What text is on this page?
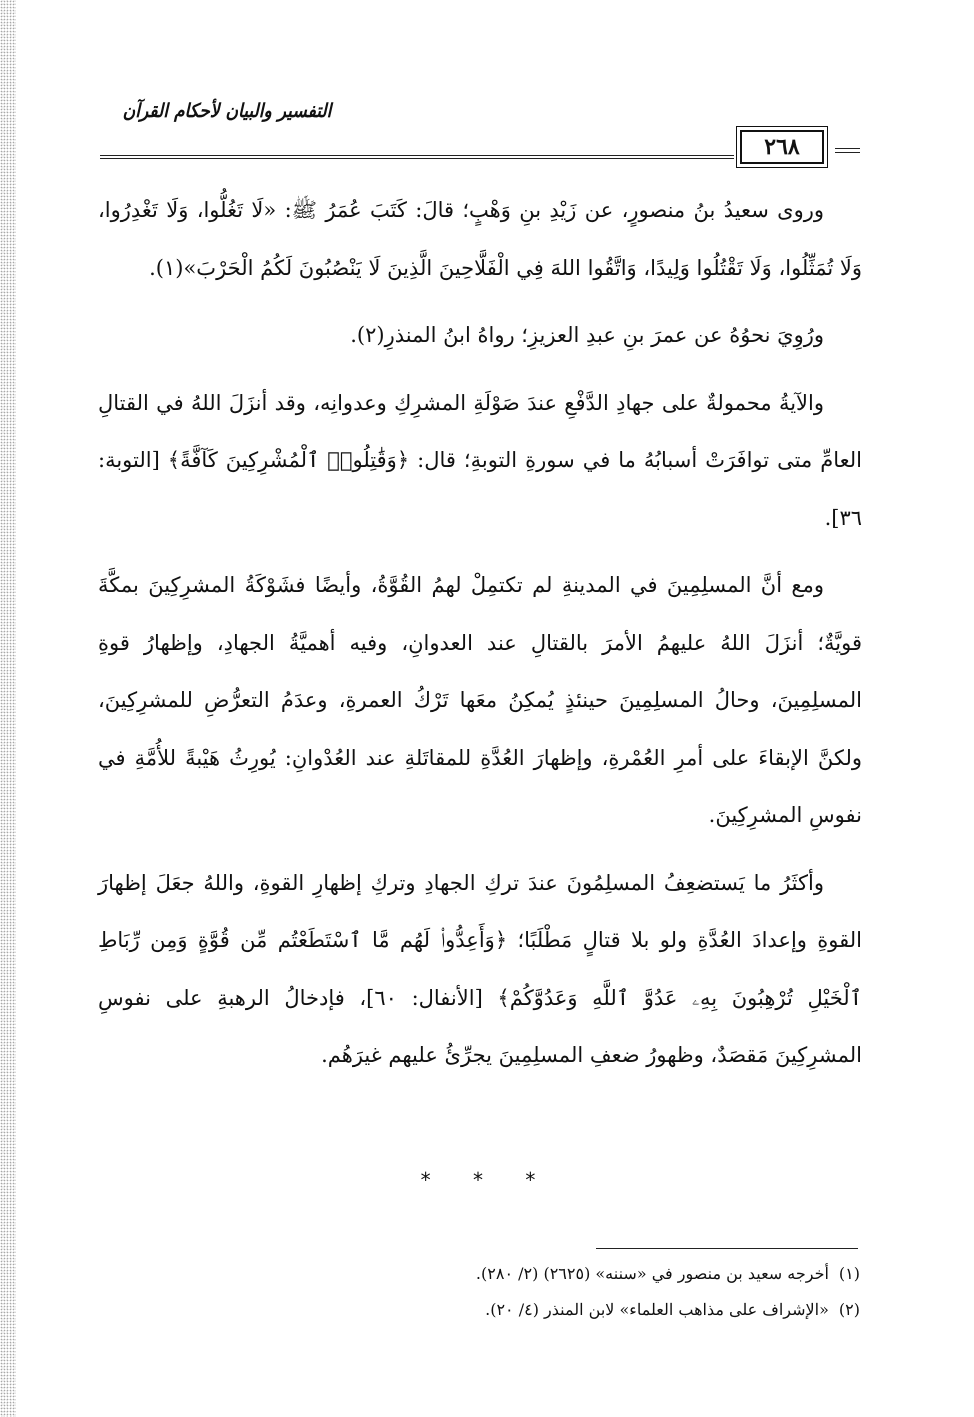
التفسير والبيان لأحكام القرآن
٢٦٨

وروى سعيدُ بنُ منصورٍ، عن زَيْدِ بنِ وَهْبٍ؛ قالَ: كَتَبَ عُمَرُ ﷺ: «لَا تَغُلُّوا، وَلَا تَغْدِرُوا، وَلَا تُمَثِّلُوا، وَلَا تَقْتُلُوا وَلِيدًا، وَاتَّقُوا اللهَ فِي الْفَلَّاحِينَ الَّذِينَ لَا يَنْصُبُونَ لَكُمُ الْحَرْبَ»(١).

ورُوِيَ نحوُهُ عن عمرَ بنِ عبدِ العزيزِ؛ رواهُ ابنُ المنذرِ(٢).

والآيةُ محمولةٌ على جهادِ الدَّفْعِ عندَ صَوْلَةِ المشرِكِ وعدوانِه، وقد أنزَلَ اللهُ في القتالِ العامِّ متى توافَرَتْ أسبابُهُ ما في سورةِ التوبةِ؛ قال: ﴿وَقَٰتِلُوا۟ ٱلْمُشْرِكِينَ كَآفَّةً﴾ [التوبة: ٣٦].

ومع أنَّ المسلِمِينَ في المدينةِ لم تكتمِلْ لهمُ القُوَّةُ، وأيضًا فشَوْكَةُ المشرِكِينَ بمكَّةَ قويَّةٌ؛ أنزَلَ اللهُ عليهمُ الأمرَ بالقتالِ عند العدوانِ، وفيه أهميَّةُ الجهادِ، وإظهارُ قوةِ المسلِمِينَ، وحالُ المسلِمِينَ حينئذٍ يُمكِنُ معَها تَرْكُ العمرةِ، وعدَمُ التعرُّضِ للمشرِكِينَ، ولكنَّ الإبقاءَ على أمرِ العُمْرةِ، وإظهارَ العُدَّةِ للمقاتَلةِ عند العُدْوانِ: يُورِثُ هَيْبةً للأُمَّةِ في نفوسِ المشرِكِينَ.

وأكثَرُ ما يَستضعِفُ المسلِمُونَ عندَ تركِ الجهادِ وتركِ إظهارِ القوةِ، واللهُ جعَلَ إظهارَ القوةِ وإعدادَ العُدَّةِ ولو بلا قتالٍ مَطْلَبًا؛ ﴿وَأَعِدُّوا۟ لَهُم مَّا ٱسْتَطَعْتُم مِّن قُوَّةٍ وَمِن رِّبَاطِ ٱلْخَيْلِ تُرْهِبُونَ بِهِۦ عَدُوَّ ٱللَّهِ وَعَدُوَّكُمْ﴾ [الأنفال: ٦٠]، فإدخالُ الرهبةِ على نفوسِ المشرِكِينَ مَقصَدٌ، وظهورُ ضعفِ المسلِمِينَ يجرِّئُ عليهم غيرَهُم.

* * *
(١)أخرجه سعيد بن منصور في «سننه» (٢٦٢٥) (٢/ ٢٨٠).
(٢)«الإشراف على مذاهب العلماء» لابن المنذر (٤/ ٢٠).
